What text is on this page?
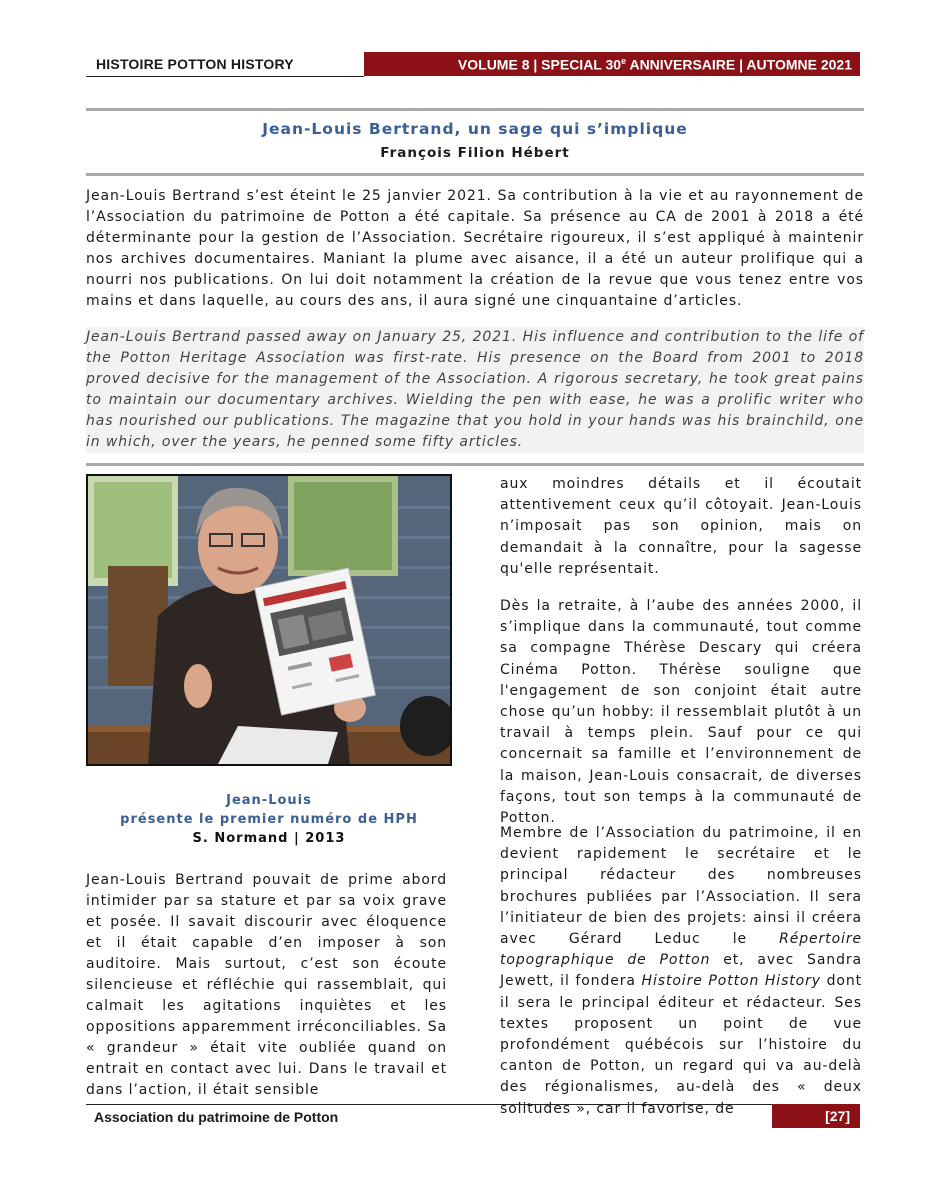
HISTOIRE POTTON HISTORY	VOLUME 8 | SPECIAL 30e ANNIVERSAIRE | AUTOMNE 2021
Jean-Louis Bertrand, un sage qui s’implique
François Filion Hébert
Jean-Louis Bertrand s’est éteint le 25 janvier 2021. Sa contribution à la vie et au rayonnement de l’Association du patrimoine de Potton a été capitale. Sa présence au CA de 2001 à 2018 a été déterminante pour la gestion de l’Association. Secrétaire rigoureux, il s’est appliqué à maintenir nos archives documentaires. Maniant la plume avec aisance, il a été un auteur prolifique qui a nourri nos publications. On lui doit notamment la création de la revue que vous tenez entre vos mains et dans laquelle, au cours des ans, il aura signé une cinquantaine d’articles.
Jean-Louis Bertrand passed away on January 25, 2021. His influence and contribution to the life of the Potton Heritage Association was first-rate. His presence on the Board from 2001 to 2018 proved decisive for the management of the Association. A rigorous secretary, he took great pains to maintain our documentary archives. Wielding the pen with ease, he was a prolific writer who has nourished our publications. The magazine that you hold in your hands was his brainchild, one in which, over the years, he penned some fifty articles.
Jean-Louis
présente le premier numéro de HPH
S. Normand | 2013
Jean-Louis Bertrand pouvait de prime abord intimider par sa stature et par sa voix grave et posée. Il savait discourir avec éloquence et il était capable d’en imposer à son auditoire. Mais surtout, c’est son écoute silencieuse et réfléchie qui rassemblait, qui calmait les agitations inquiètes et les oppositions apparemment irréconciliables. Sa « grandeur » était vite oubliée quand on entrait en contact avec lui. Dans le travail et dans l’action, il était sensible
aux moindres détails et il écoutait attentivement ceux qu’il côtoyait. Jean-Louis n’imposait pas son opinion, mais on demandait à la connaître, pour la sagesse qu'elle représentait.
Dès la retraite, à l’aube des années 2000, il s’implique dans la communauté, tout comme sa compagne Thérèse Descary qui créera Cinéma Potton. Thérèse souligne que l'engagement de son conjoint était autre chose qu’un hobby: il ressemblait plutôt à un travail à temps plein. Sauf pour ce qui concernait sa famille et l’environnement de la maison, Jean-Louis consacrait, de diverses façons, tout son temps à la communauté de Potton.
Membre de l’Association du patrimoine, il en devient rapidement le secrétaire et le principal rédacteur des nombreuses brochures publiées par l’Association. Il sera l’initiateur de bien des projets: ainsi il créera avec Gérard Leduc le Répertoire topographique de Potton et, avec Sandra Jewett, il fondera Histoire Potton History dont il sera le principal éditeur et rédacteur. Ses textes proposent un point de vue profondément québécois sur l’histoire du canton de Potton, un regard qui va au-delà des régionalismes, au-delà des « deux solitudes », car il favorise, de
Association du patrimoine de Potton	[27]
